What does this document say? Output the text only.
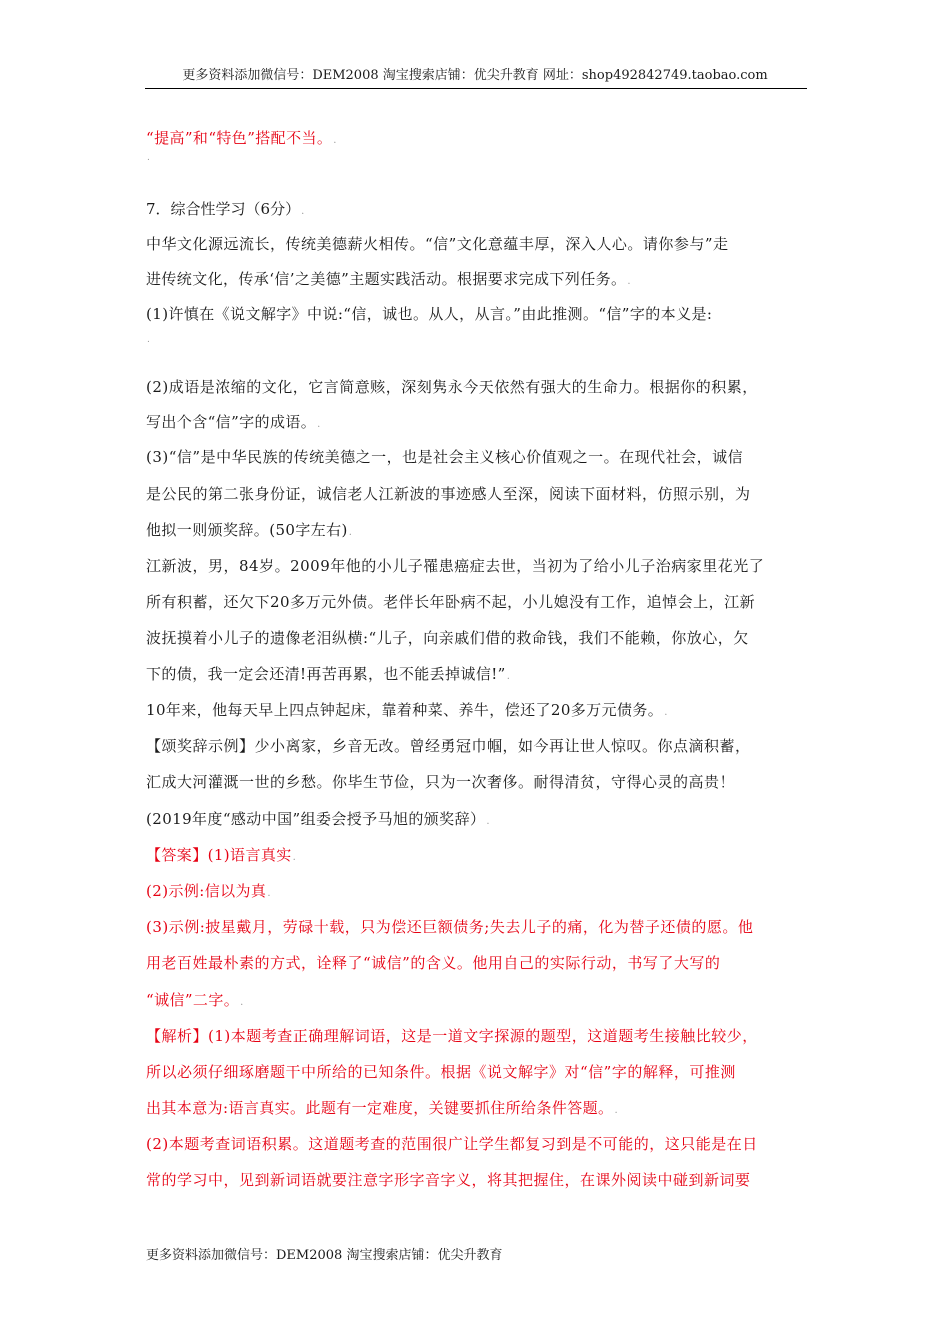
更多资料添加微信号：DEM2008 淘宝搜索店铺：优尖升教育 网址：shop492842749.taobao.com
“提高”和“特色”搭配不当。.
.
7．综合性学习（6分）.
中华文化源远流长，传统美德薪火相传。“信”文化意蕴丰厚，深入人心。请你参与”走
进传统文化，传承‘信’之美德”主题实践活动。根据要求完成下列任务。.
(1)许慎在《说文解字》中说:“信，诚也。从人，从言。”由此推测。“信”字的本义是:
.
(2)成语是浓缩的文化，它言简意赅，深刻隽永今天依然有强大的生命力。根据你的积累，
写出个含“信”字的成语。.
(3)“信”是中华民族的传统美德之一，也是社会主义核心价值观之一。在现代社会，诚信
是公民的第二张身份证，诚信老人江新波的事迹感人至深，阅读下面材料，仿照示别，为
他拟一则颁奖辞。(50字左右).
江新波，男，84岁。2009年他的小儿子罹患癌症去世，当初为了给小儿子治病家里花光了
所有积蓄，还欠下20多万元外债。老伴长年卧病不起，小儿媳没有工作，追悼会上，江新
波抚摸着小儿子的遗像老泪纵横:“儿子，向亲戚们借的救命钱，我们不能赖，你放心，欠
下的债，我一定会还清!再苦再累，也不能丢掉诚信!”.
10年来，他每天早上四点钟起床，靠着种菜、养牛，偿还了20多万元债务。.
【颂奖辞示例】少小离家，乡音无改。曾经勇冠巾帼，如今再让世人惊叹。你点滴积蓄，
汇成大河灌溉一世的乡愁。你毕生节俭，只为一次奢侈。耐得清贫，守得心灵的高贵！
(2019年度“感动中国”组委会授予马旭的颁奖辞）.
【答案】(1)语言真实.
(2)示例:信以为真.
(3)示例:披星戴月，劳碌十载，只为偿还巨额债务;失去儿子的痛，化为替子还债的愿。他
用老百姓最朴素的方式，诠释了“诚信”的含义。他用自己的实际行动，书写了大写的
“诚信”二字。.
【解析】(1)本题考查正确理解词语，这是一道文字探源的题型，这道题考生接触比较少，
所以必须仔细琢磨题干中所给的已知条件。根据《说文解字》对“信”字的解释，可推测
出其本意为:语言真实。此题有一定难度，关键要抓住所给条件答题。.
(2)本题考查词语积累。这道题考查的范围很广让学生都复习到是不可能的，这只能是在日
常的学习中，见到新词语就要注意字形字音字义，将其把握住，在课外阅读中碰到新词要
更多资料添加微信号：DEM2008 淘宝搜索店铺：优尖升教育
